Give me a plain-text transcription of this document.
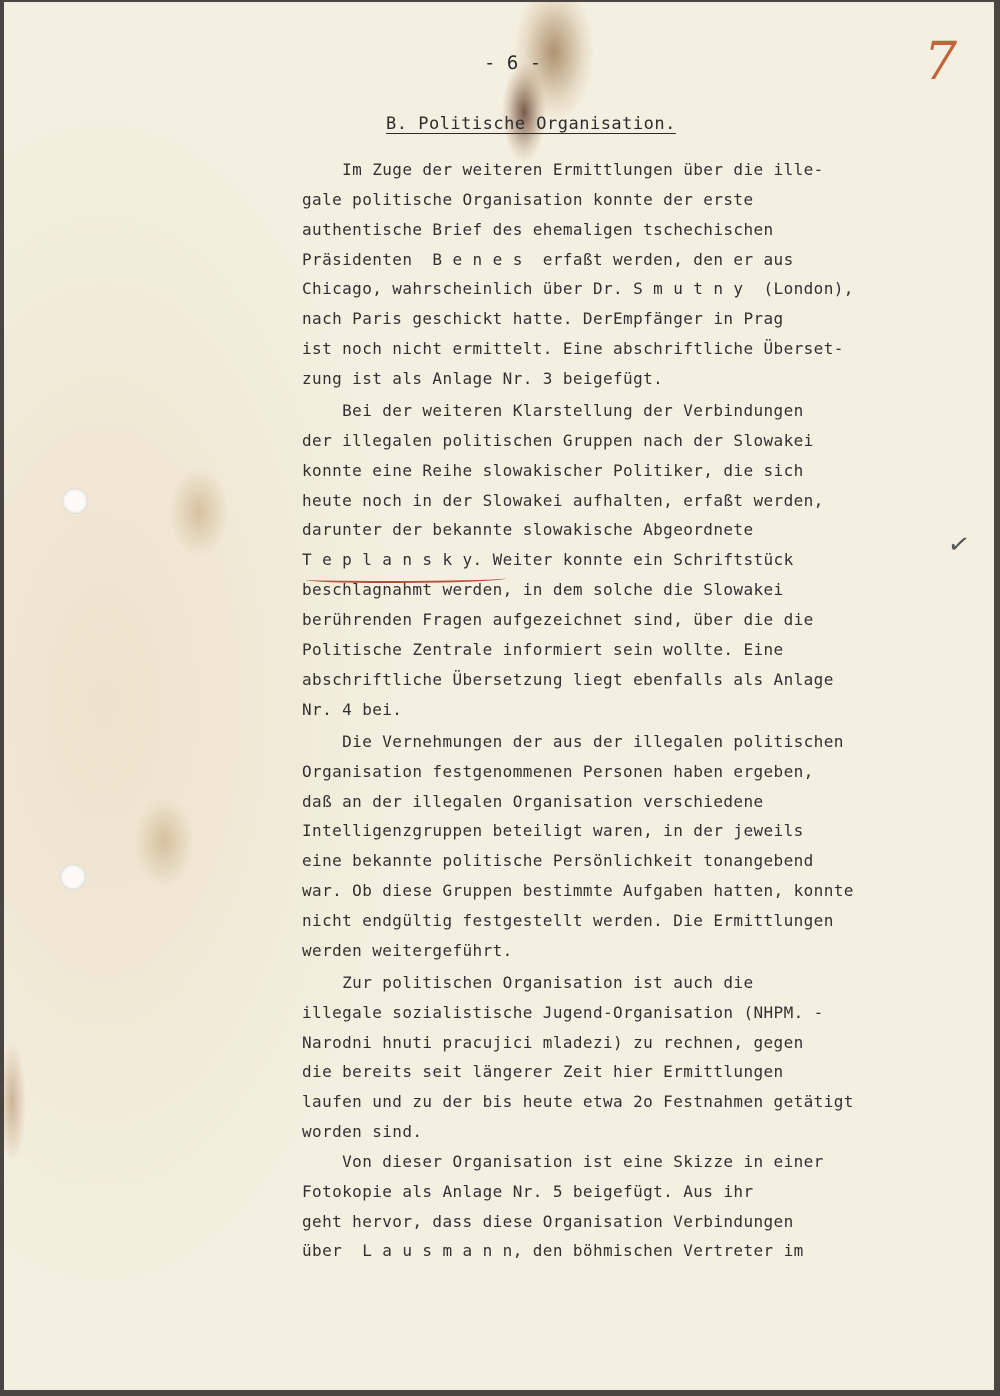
- 6 -	7

B. Politische Organisation.

Im Zuge der weiteren Ermittlungen über die ille-

gale politische Organisation konnte der erste

authentische Brief des ehemaligen tschechischen

Präsidenten  B e n e s  erfaßt werden, den er aus

Chicago, wahrscheinlich über Dr. S m u t n y  (London),

nach Paris geschickt hatte. DerEmpfänger in Prag

ist noch nicht ermittelt. Eine abschriftliche Überset-

zung ist als Anlage Nr. 3 beigefügt.

Bei der weiteren Klarstellung der Verbindungen

der illegalen politischen Gruppen nach der Slowakei

konnte eine Reihe slowakischer Politiker, die sich

heute noch in der Slowakei aufhalten, erfaßt werden,

darunter der bekannte slowakische Abgeordnete

T e p l a n s k y. Weiter konnte ein Schriftstück

beschlagnahmt werden, in dem solche die Slowakei

berührenden Fragen aufgezeichnet sind, über die die

Politische Zentrale informiert sein wollte. Eine

abschriftliche Übersetzung liegt ebenfalls als Anlage

Nr. 4 bei.

Die Vernehmungen der aus der illegalen politischen

Organisation festgenommenen Personen haben ergeben,

daß an der illegalen Organisation verschiedene

Intelligenzgruppen beteiligt waren, in der jeweils

eine bekannte politische Persönlichkeit tonangebend

war. Ob diese Gruppen bestimmte Aufgaben hatten, konnte

nicht endgültig festgestellt werden. Die Ermittlungen

werden weitergeführt.

Zur politischen Organisation ist auch die

illegale sozialistische Jugend-Organisation (NHPM. -

Narodni hnuti pracujici mladezi) zu rechnen, gegen

die bereits seit längerer Zeit hier Ermittlungen

laufen und zu der bis heute etwa 2o Festnahmen getätigt

worden sind.

Von dieser Organisation ist eine Skizze in einer

Fotokopie als Anlage Nr. 5 beigefügt. Aus ihr

geht hervor, dass diese Organisation Verbindungen

über  L a u s m a n n, den böhmischen Vertreter im

✓
